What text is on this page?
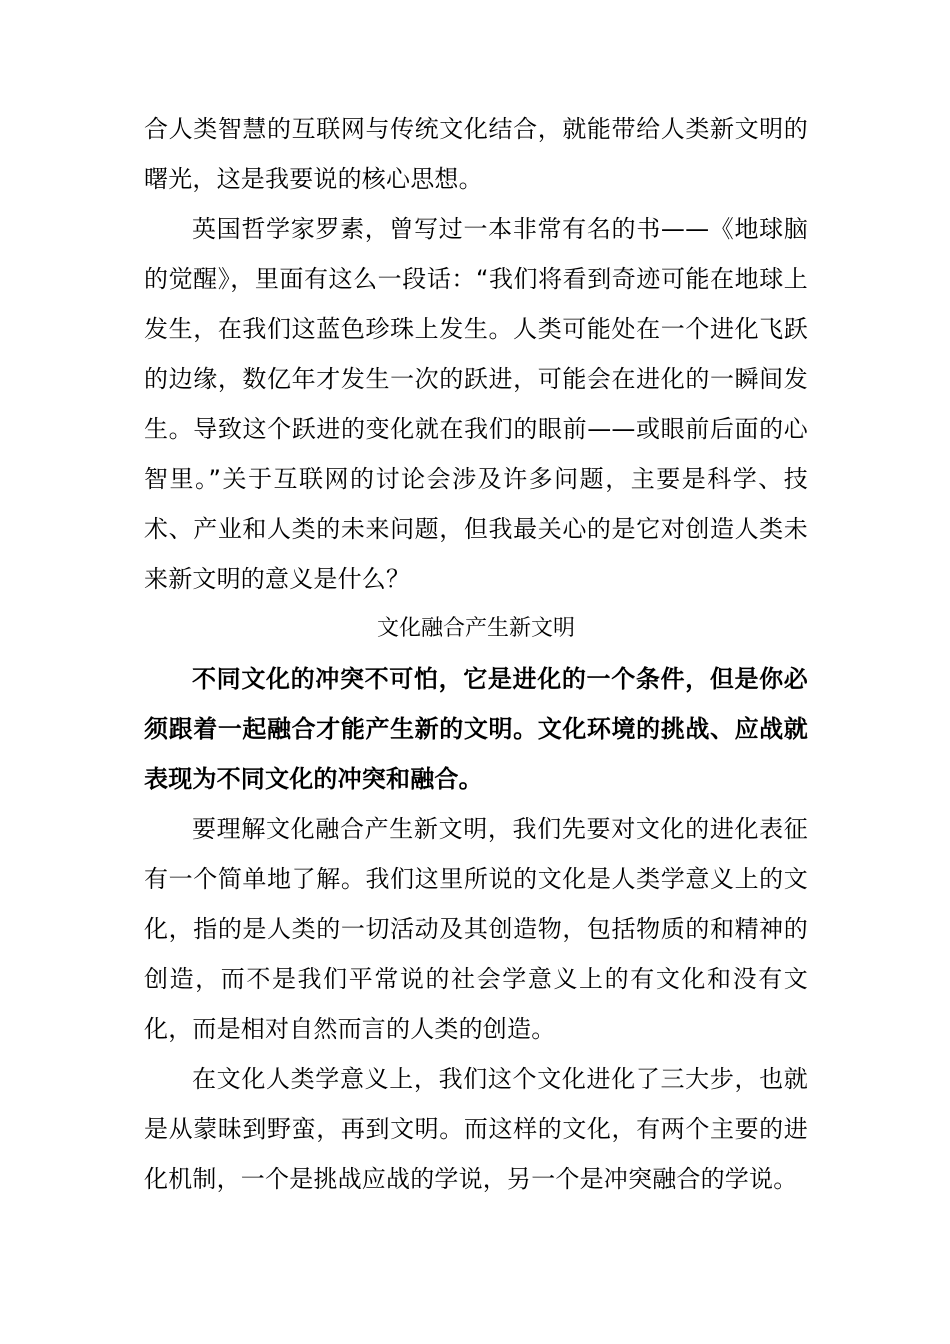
合人类智慧的互联网与传统文化结合，就能带给人类新文明的曙光，这是我要说的核心思想。

英国哲学家罗素，曾写过一本非常有名的书——《地球脑的觉醒》，里面有这么一段话：“我们将看到奇迹可能在地球上发生，在我们这蓝色珍珠上发生。人类可能处在一个进化飞跃的边缘，数亿年才发生一次的跃进，可能会在进化的一瞬间发生。导致这个跃进的变化就在我们的眼前——或眼前后面的心智里。”关于互联网的讨论会涉及许多问题，主要是科学、技术、产业和人类的未来问题，但我最关心的是它对创造人类未来新文明的意义是什么？

文化融合产生新文明

不同文化的冲突不可怕，它是进化的一个条件，但是你必须跟着一起融合才能产生新的文明。文化环境的挑战、应战就表现为不同文化的冲突和融合。

要理解文化融合产生新文明，我们先要对文化的进化表征有一个简单地了解。我们这里所说的文化是人类学意义上的文化，指的是人类的一切活动及其创造物，包括物质的和精神的创造，而不是我们平常说的社会学意义上的有文化和没有文化，而是相对自然而言的人类的创造。

在文化人类学意义上，我们这个文化进化了三大步，也就是从蒙昧到野蛮，再到文明。而这样的文化，有两个主要的进化机制，一个是挑战应战的学说，另一个是冲突融合的学说。
